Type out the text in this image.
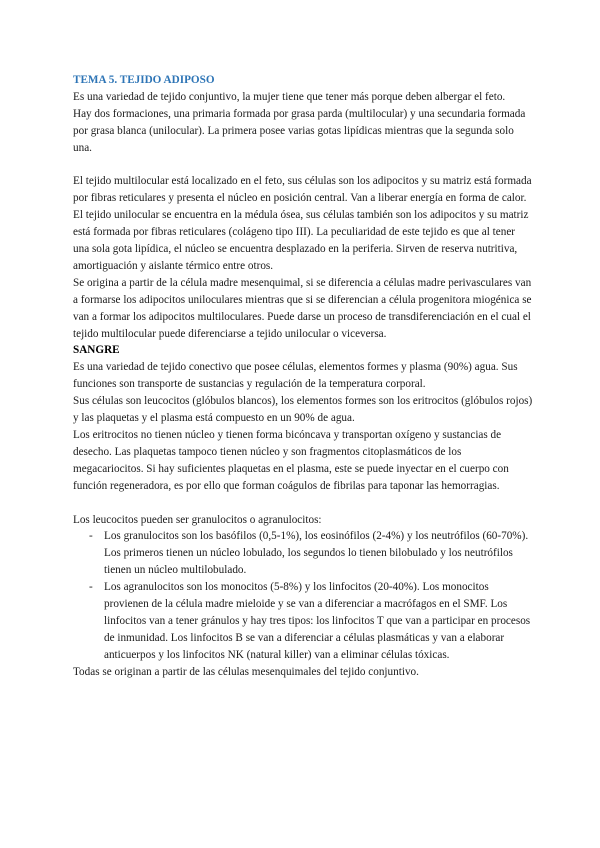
TEMA 5. TEJIDO ADIPOSO

Es una variedad de tejido conjuntivo, la mujer tiene que tener más porque deben albergar el feto.

Hay dos formaciones, una primaria formada por grasa parda (multilocular) y una secundaria formada por grasa blanca (unilocular). La primera posee varias gotas lipídicas mientras que la segunda solo una.

El tejido multilocular está localizado en el feto, sus células son los adipocitos y su matriz está formada por fibras reticulares y presenta el núcleo en posición central. Van a liberar energía en forma de calor.

El tejido unilocular se encuentra en la médula ósea, sus células también son los adipocitos y su matriz está formada por fibras reticulares (colágeno tipo III). La peculiaridad de este tejido es que al tener una sola gota lipídica, el núcleo se encuentra desplazado en la periferia. Sirven de reserva nutritiva, amortiguación y aislante térmico entre otros.

Se origina a partir de la célula madre mesenquimal, si se diferencia a células madre perivasculares van a formarse los adipocitos uniloculares mientras que si se diferencian a célula progenitora miogénica se van a formar los adipocitos multiloculares. Puede darse un proceso de transdiferenciación en el cual el tejido multilocular puede diferenciarse a tejido unilocular o viceversa.

SANGRE

Es una variedad de tejido conectivo que posee células, elementos formes y plasma (90%) agua. Sus funciones son transporte de sustancias y regulación de la temperatura corporal.

Sus células son leucocitos (glóbulos blancos), los elementos formes son los eritrocitos (glóbulos rojos) y las plaquetas y el plasma está compuesto en un 90% de agua.

Los eritrocitos no tienen núcleo y tienen forma bicóncava y transportan oxígeno y sustancias de desecho. Las plaquetas tampoco tienen núcleo y son fragmentos citoplasmáticos de los megacariocitos. Si hay suficientes plaquetas en el plasma, este se puede inyectar en el cuerpo con función regeneradora, es por ello que forman coágulos de fibrilas para taponar las hemorragias.

Los leucocitos pueden ser granulocitos o agranulocitos:

- Los granulocitos son los basófilos (0,5-1%), los eosinófilos (2-4%) y los neutrófilos (60-70%). Los primeros tienen un núcleo lobulado, los segundos lo tienen bilobulado y los neutrófilos tienen un núcleo multilobulado.
- Los agranulocitos son los monocitos (5-8%) y los linfocitos (20-40%). Los monocitos provienen de la célula madre mieloide y se van a diferenciar a macrófagos en el SMF. Los linfocitos van a tener gránulos y hay tres tipos: los linfocitos T que van a participar en procesos de inmunidad. Los linfocitos B se van a diferenciar a células plasmáticas y van a elaborar anticuerpos y los linfocitos NK (natural killer) van a eliminar células tóxicas.

Todas se originan a partir de las células mesenquimales del tejido conjuntivo.
